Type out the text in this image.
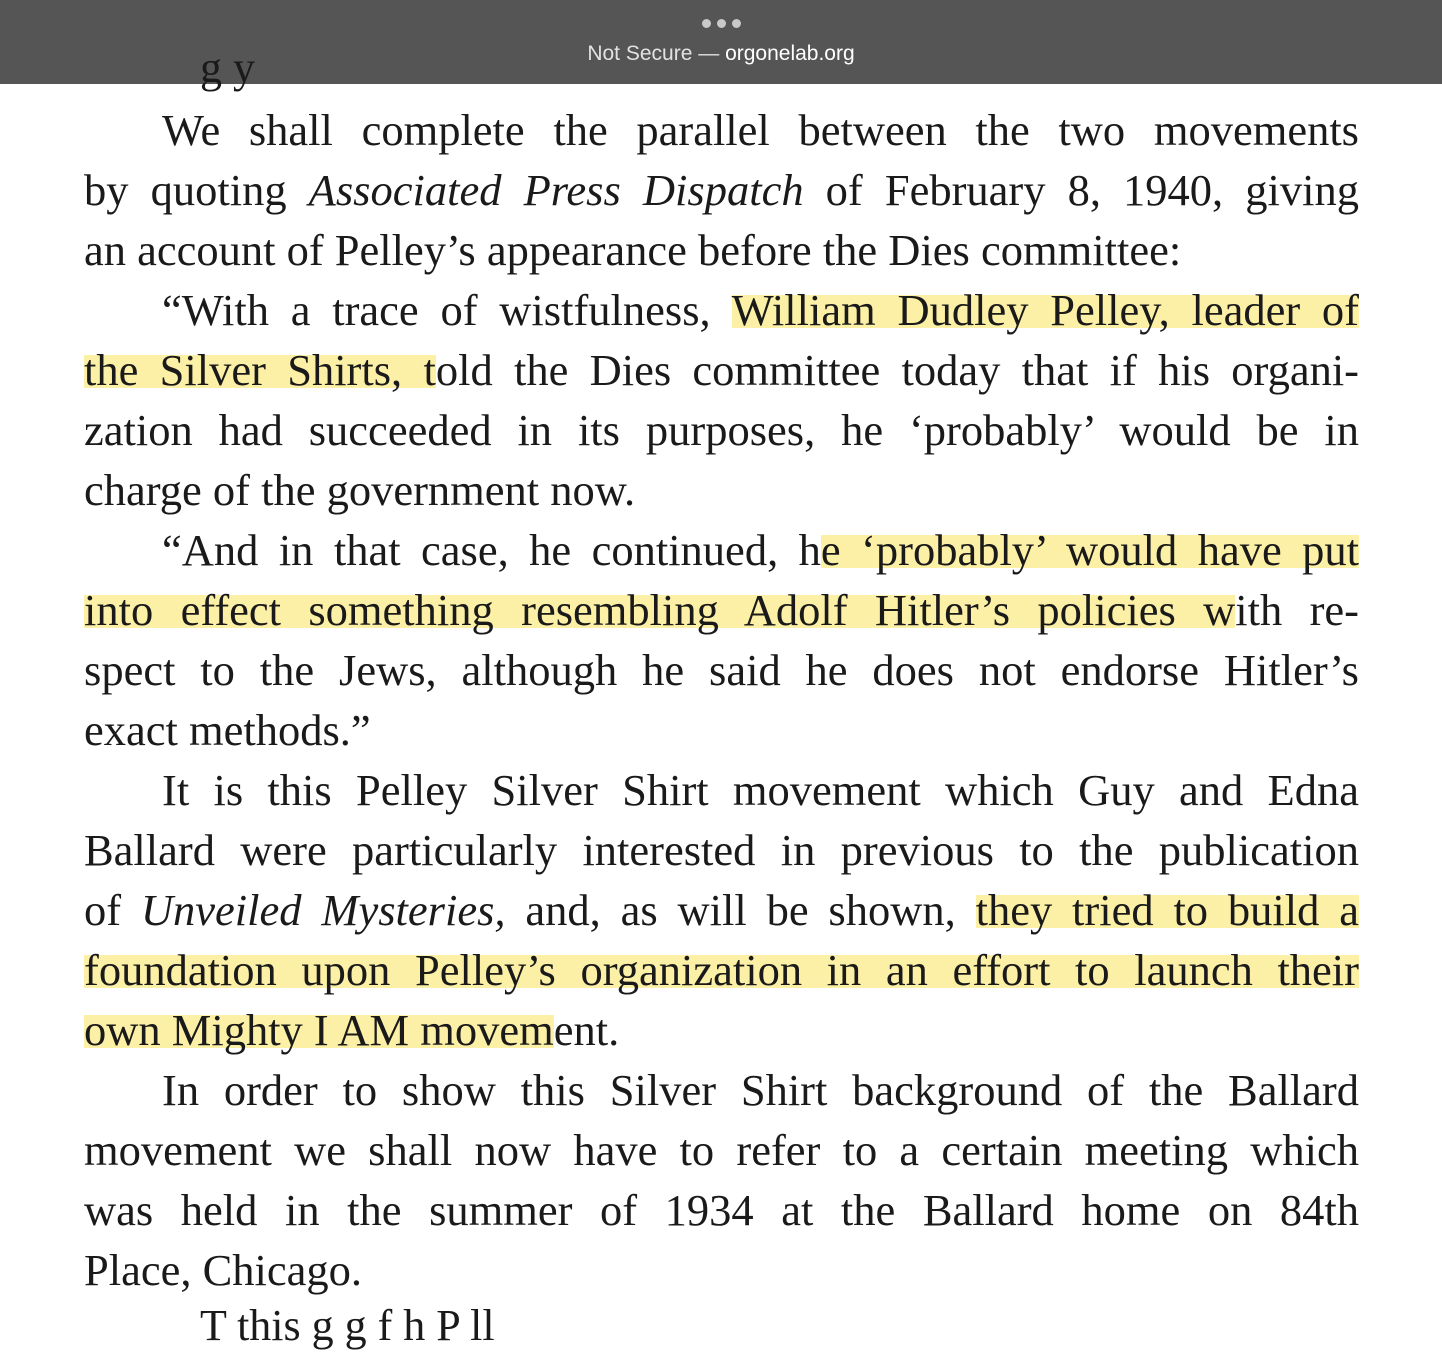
Not Secure — orgonelab.org
g y
We shall complete the parallel between the two movements
by quoting Associated Press Dispatch of February 8, 1940, giving
an account of Pelley’s appearance before the Dies committee:
“With a trace of wistfulness, William Dudley Pelley, leader of
the Silver Shirts, told the Dies committee today that if his organi-
zation had succeeded in its purposes, he ‘probably’ would be in
charge of the government now.
“And in that case, he continued, he ‘probably’ would have put
into effect something resembling Adolf Hitler’s policies with re-
spect to the Jews, although he said he does not endorse Hitler’s
exact methods.”
It is this Pelley Silver Shirt movement which Guy and Edna
Ballard were particularly interested in previous to the publication
of Unveiled Mysteries, and, as will be shown, they tried to build a
foundation upon Pelley’s organization in an effort to launch their
own Mighty I AM movement.
In order to show this Silver Shirt background of the Ballard
movement we shall now have to refer to a certain meeting which
was held in the summer of 1934 at the Ballard home on 84th
Place, Chicago.
T this g g f h P ll
